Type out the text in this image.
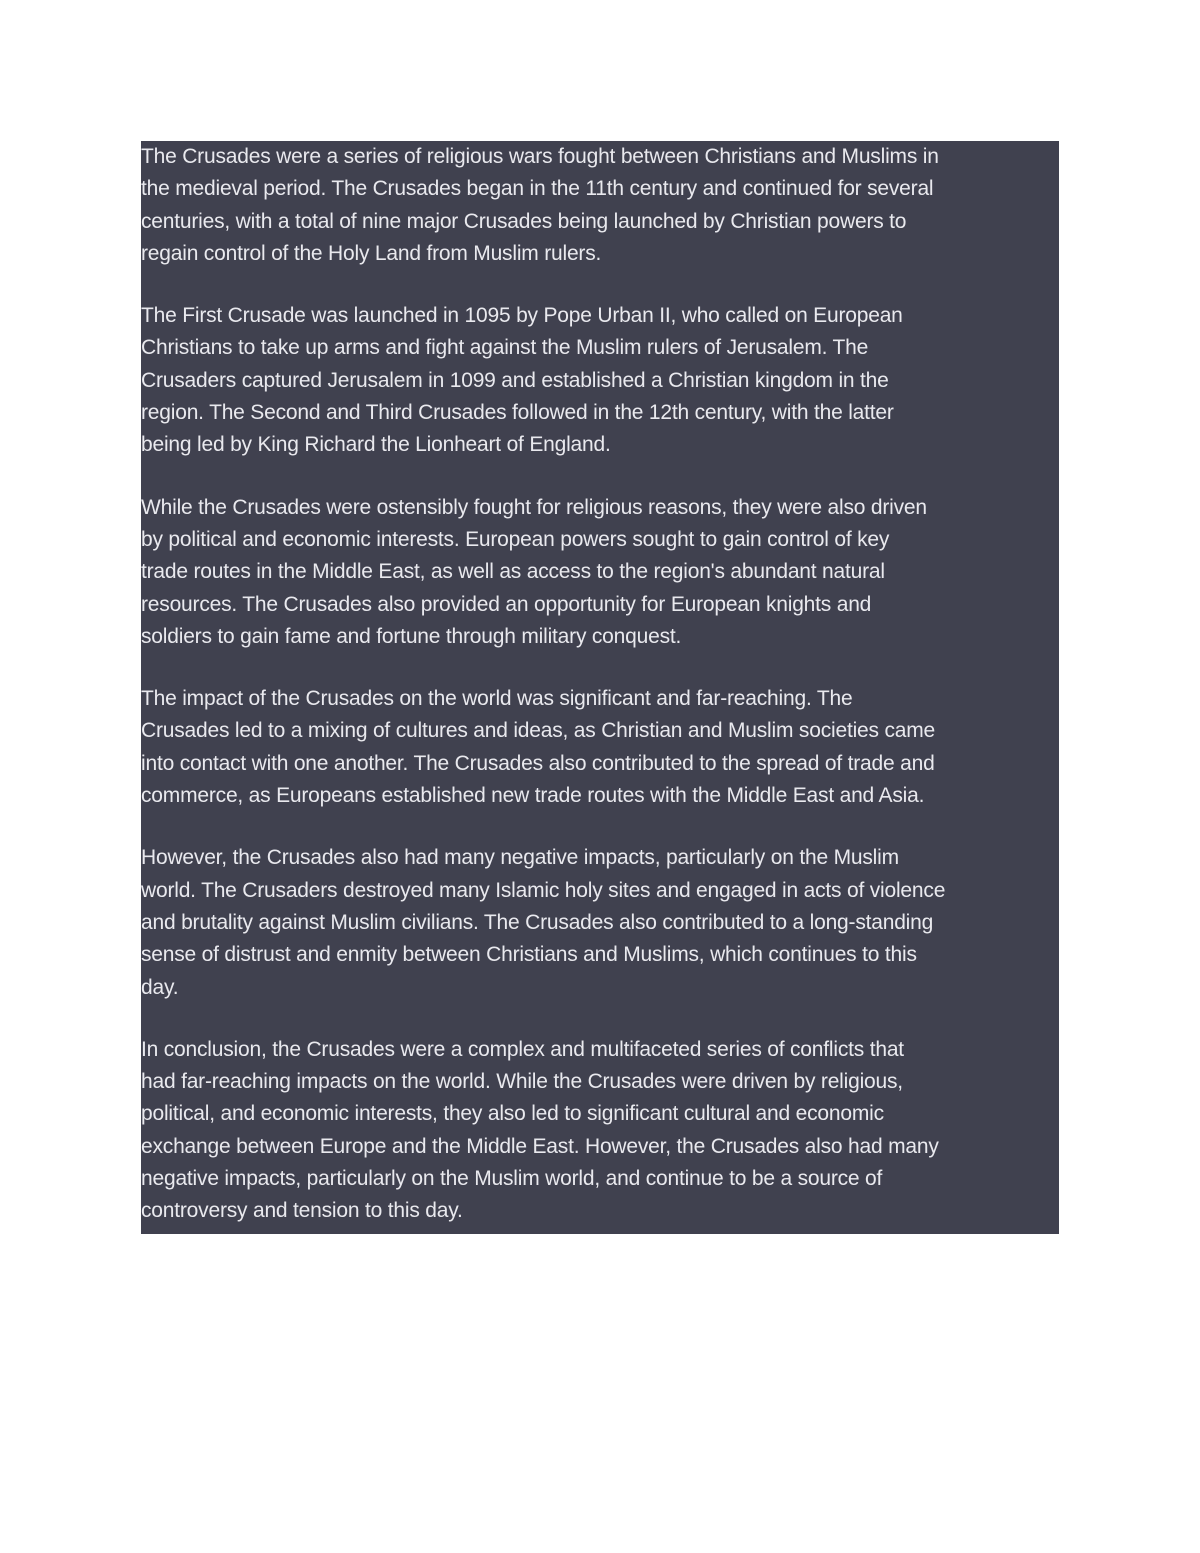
The Crusades were a series of religious wars fought between Christians and Muslims in
the medieval period. The Crusades began in the 11th century and continued for several
centuries, with a total of nine major Crusades being launched by Christian powers to
regain control of the Holy Land from Muslim rulers.

The First Crusade was launched in 1095 by Pope Urban II, who called on European
Christians to take up arms and fight against the Muslim rulers of Jerusalem. The
Crusaders captured Jerusalem in 1099 and established a Christian kingdom in the
region. The Second and Third Crusades followed in the 12th century, with the latter
being led by King Richard the Lionheart of England.

While the Crusades were ostensibly fought for religious reasons, they were also driven
by political and economic interests. European powers sought to gain control of key
trade routes in the Middle East, as well as access to the region's abundant natural
resources. The Crusades also provided an opportunity for European knights and
soldiers to gain fame and fortune through military conquest.

The impact of the Crusades on the world was significant and far-reaching. The
Crusades led to a mixing of cultures and ideas, as Christian and Muslim societies came
into contact with one another. The Crusades also contributed to the spread of trade and
commerce, as Europeans established new trade routes with the Middle East and Asia.

However, the Crusades also had many negative impacts, particularly on the Muslim
world. The Crusaders destroyed many Islamic holy sites and engaged in acts of violence
and brutality against Muslim civilians. The Crusades also contributed to a long-standing
sense of distrust and enmity between Christians and Muslims, which continues to this
day.

In conclusion, the Crusades were a complex and multifaceted series of conflicts that
had far-reaching impacts on the world. While the Crusades were driven by religious,
political, and economic interests, they also led to significant cultural and economic
exchange between Europe and the Middle East. However, the Crusades also had many
negative impacts, particularly on the Muslim world, and continue to be a source of
controversy and tension to this day.
